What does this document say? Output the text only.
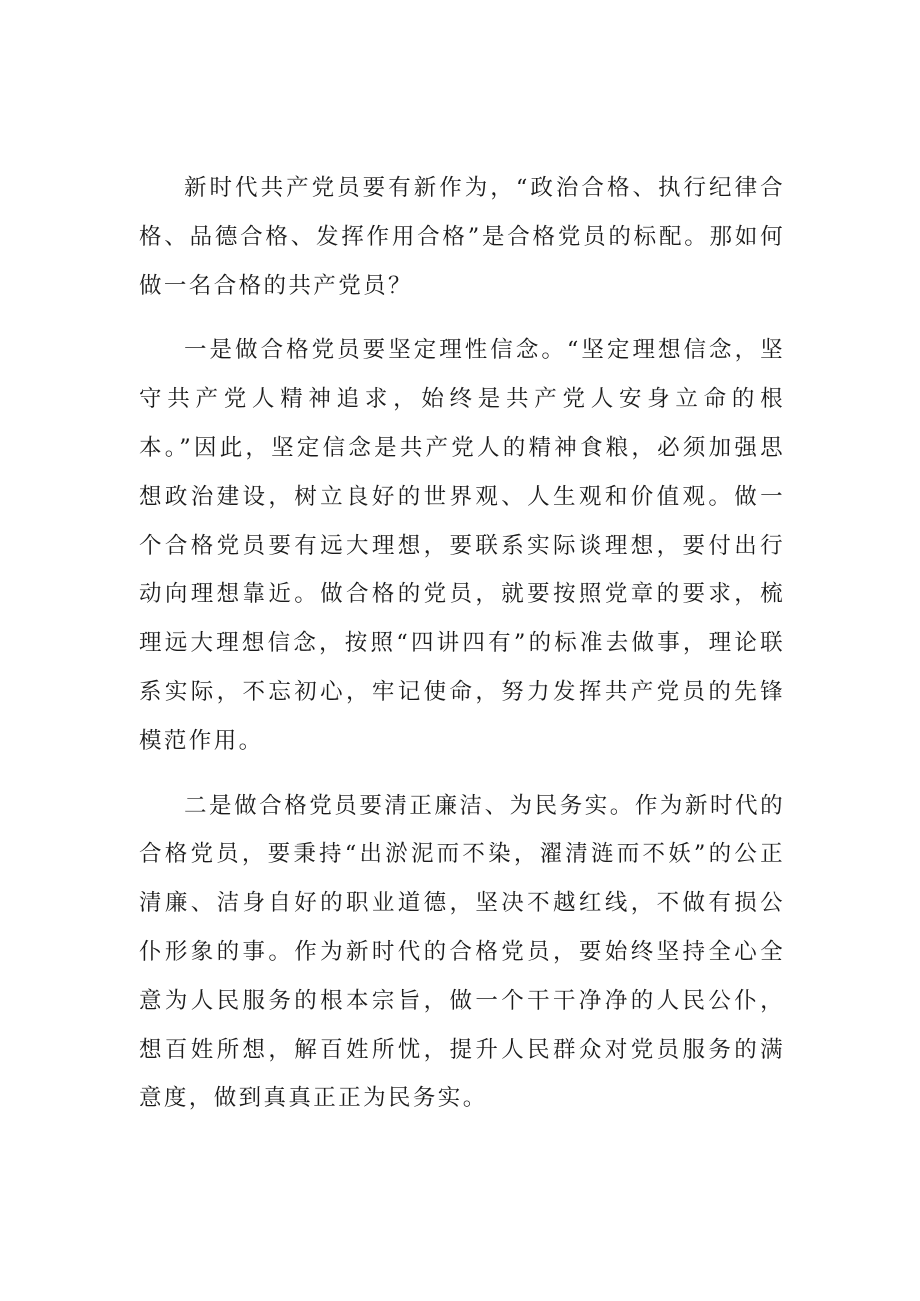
新时代共产党员要有新作为，“政治合格、执行纪律合格、品德合格、发挥作用合格”是合格党员的标配。那如何做一名合格的共产党员？

一是做合格党员要坚定理性信念。“坚定理想信念，坚守共产党人精神追求，始终是共产党人安身立命的根本。”因此，坚定信念是共产党人的精神食粮，必须加强思想政治建设，树立良好的世界观、人生观和价值观。做一个合格党员要有远大理想，要联系实际谈理想，要付出行动向理想靠近。做合格的党员，就要按照党章的要求，梳理远大理想信念，按照“四讲四有”的标准去做事，理论联系实际，不忘初心，牢记使命，努力发挥共产党员的先锋模范作用。

二是做合格党员要清正廉洁、为民务实。作为新时代的合格党员，要秉持“出淤泥而不染，濯清涟而不妖”的公正清廉、洁身自好的职业道德，坚决不越红线，不做有损公仆形象的事。作为新时代的合格党员，要始终坚持全心全意为人民服务的根本宗旨，做一个干干净净的人民公仆，想百姓所想，解百姓所忧，提升人民群众对党员服务的满意度，做到真真正正为民务实。
